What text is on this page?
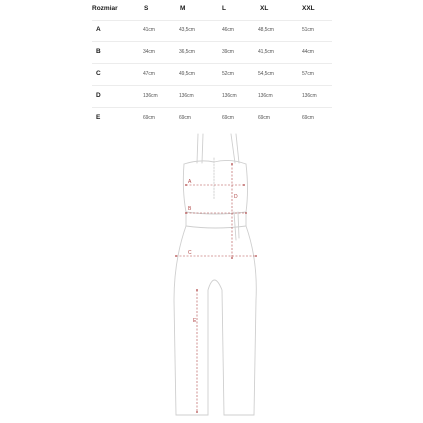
Rozmiar	S	M	L	XL	XXL
A	41cm	43,5cm	46cm	48,5cm	51cm
B	34cm	36,5cm	39cm	41,5cm	44cm
C	47cm	49,5cm	52cm	54,5cm	57cm
D	136cm	136cm	136cm	136cm	136cm
E	69cm	69cm	69cm	69cm	69cm
A
B
C
D
E
